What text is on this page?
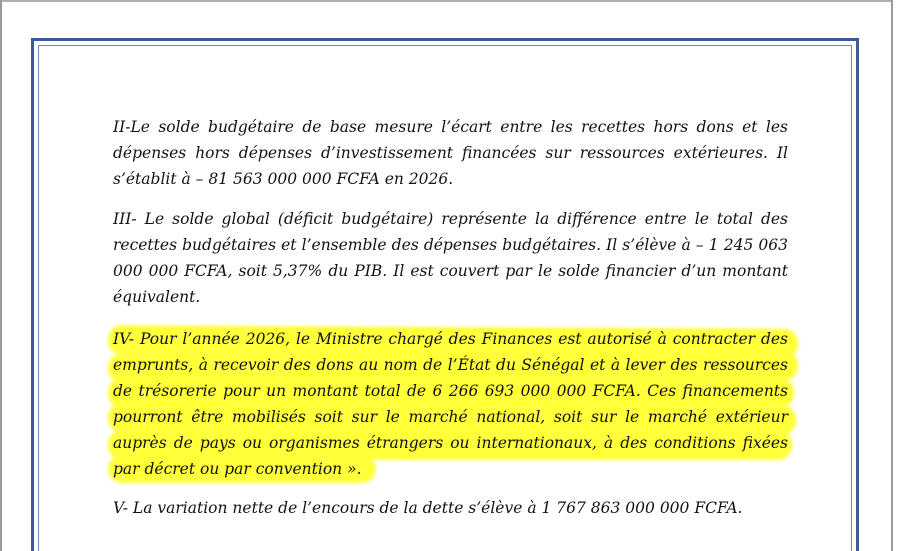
II-Le solde budgétaire de base mesure l’écart entre les recettes hors dons et les
dépenses hors dépenses d’investissement financées sur ressources extérieures. Il
s’établit à – 81 563 000 000 FCFA en 2026.
III- Le solde global (déficit budgétaire) représente la différence entre le total des
recettes budgétaires et l’ensemble des dépenses budgétaires. Il s’élève à – 1 245 063
000 000 FCFA, soit 5,37% du PIB. Il est couvert par le solde financier d’un montant
équivalent.
IV- Pour l’année 2026, le Ministre chargé des Finances est autorisé à contracter des
emprunts, à recevoir des dons au nom de l’État du Sénégal et à lever des ressources
de trésorerie pour un montant total de 6 266 693 000 000 FCFA. Ces financements
pourront être mobilisés soit sur le marché national, soit sur le marché extérieur
auprès de pays ou organismes étrangers ou internationaux, à des conditions fixées
par décret ou par convention ».
V- La variation nette de l’encours de la dette s’élève à 1 767 863 000 000 FCFA.
